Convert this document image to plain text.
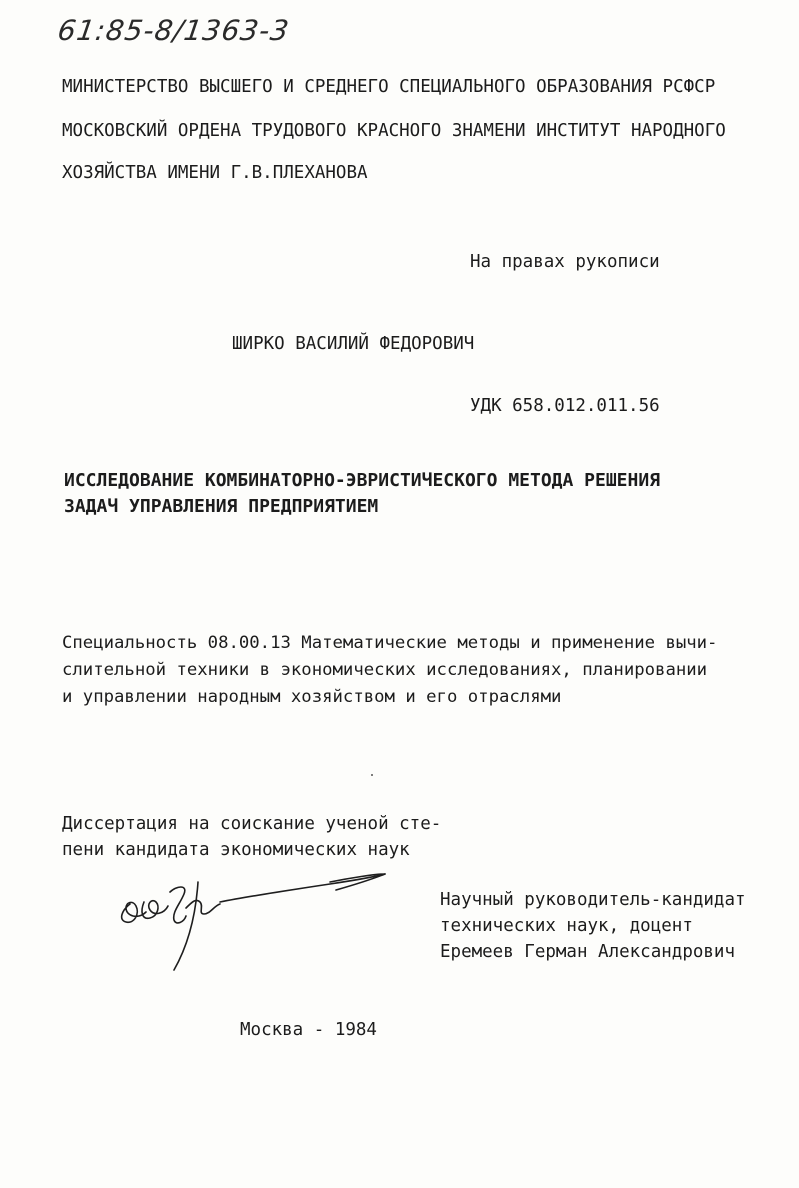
61:85-8/1363-3
МИНИСТЕРСТВО ВЫСШЕГО И СРЕДНЕГО СПЕЦИАЛЬНОГО ОБРАЗОВАНИЯ РСФСР
МОСКОВСКИЙ ОРДЕНА ТРУДОВОГО КРАСНОГО ЗНАМЕНИ ИНСТИТУТ НАРОДНОГО
ХОЗЯЙСТВА ИМЕНИ Г.В.ПЛЕХАНОВА
На правах рукописи
ШИРКО ВАСИЛИЙ ФЕДОРОВИЧ
УДК 658.012.011.56
ИССЛЕДОВАНИЕ КОМБИНАТОРНО-ЭВРИСТИЧЕСКОГО МЕТОДА РЕШЕНИЯ
ЗАДАЧ УПРАВЛЕНИЯ ПРЕДПРИЯТИЕМ
Специальность 08.00.13 Математические методы и применение вычи-
слительной техники в экономических исследованиях, планировании
и управлении народным хозяйством и его отраслями
Диссертация на соискание ученой сте-
пени кандидата экономических наук
Научный руководитель-кандидат
технических наук, доцент
Еремеев Герман Александрович
Москва - 1984
